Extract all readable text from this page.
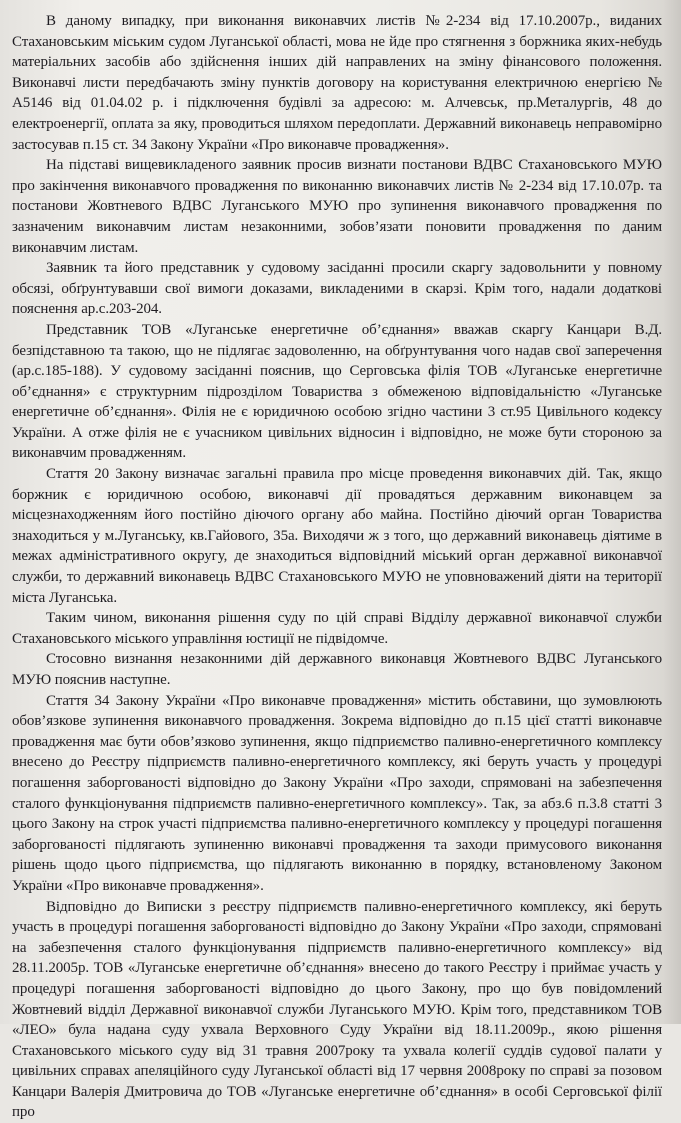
В даному випадку, при виконання виконавчих листів №2-234 від 17.10.2007р., виданих Стахановським міським судом Луганської області, мова не йде про стягнення з боржника яких-небудь матеріальних засобів або здійснення інших дій направлених на зміну фінансового положення. Виконавчі листи передбачають зміну пунктів договору на користування електричною енергією № А5146 від 01.04.02 р. і підключення будівлі за адресою: м. Алчевськ, пр.Металургів, 48 до електроенергії, оплата за яку, проводиться шляхом передоплати. Державний виконавець неправомірно застосував п.15 ст. 34 Закону України «Про виконавче провадження».

На підставі вищевикладеного заявник просив визнати постанови ВДВС Стахановського МУЮ про закінчення виконавчого провадження по виконанню виконавчих листів № 2-234 від 17.10.07р. та постанови Жовтневого ВДВС Луганського МУЮ про зупинення виконавчого провадження по зазначеним виконавчим листам незаконними, зобов’язати поновити провадження по даним виконавчим листам.

Заявник та його представник у судовому засіданні просили скаргу задовольнити у повному обсязі, обґрунтувавши свої вимоги доказами, викладеними в скарзі. Крім того, надали додаткові пояснення ар.с.203-204.

Представник ТОВ «Луганське енергетичне об’єднання» вважав скаргу Канцари В.Д. безпідставною та такою, що не підлягає задоволенню, на обґрунтування чого надав свої заперечення (ар.с.185-188). У судовому засіданні пояснив, що Серговська філія ТОВ «Луганське енергетичне об’єднання» є структурним підрозділом Товариства з обмеженою відповідальністю «Луганське енергетичне об’єднання». Філія не є юридичною особою згідно частини 3 ст.95 Цивільного кодексу України. А отже філія не є учасником цивільних відносин і відповідно, не може бути стороною за виконавчим провадженням.

Стаття 20 Закону визначає загальні правила про місце проведення виконавчих дій. Так, якщо боржник є юридичною особою, виконавчі дії провадяться державним виконавцем за місцезнаходженням його постійно діючого органу або майна. Постійно діючий орган Товариства знаходиться у м.Луганську, кв.Гайового, 35а. Виходячи ж з того, що державний виконавець діятиме в межах адміністративного округу, де знаходиться відповідний міський орган державної виконавчої служби, то державний виконавець ВДВС Стахановського МУЮ не уповноважений діяти на території міста Луганська.

Таким чином, виконання рішення суду по цій справі Відділу державної виконавчої служби Стахановського міського управління юстиції не підвідомче.

Стосовно визнання незаконними дій державного виконавця Жовтневого ВДВС Луганського МУЮ пояснив наступне.

Стаття 34 Закону України «Про виконавче провадження» містить обставини, що зумовлюють обов’язкове зупинення виконавчого провадження. Зокрема відповідно до п.15 цієї статті виконавче провадження має бути обов’язково зупинення, якщо підприємство паливно-енергетичного комплексу внесено до Реєстру підприємств паливно-енергетичного комплексу, які беруть участь у процедурі погашення заборгованості відповідно до Закону України «Про заходи, спрямовані на забезпечення сталого функціонування підприємств паливно-енергетичного комплексу». Так, за абз.6 п.3.8 статті 3 цього Закону на строк участі підприємства паливно-енергетичного комплексу у процедурі погашення заборгованості підлягають зупиненню виконавчі провадження та заходи примусового виконання рішень щодо цього підприємства, що підлягають виконанню в порядку, встановленому Законом України «Про виконавче провадження».

Відповідно до Виписки з реєстру підприємств паливно-енергетичного комплексу, які беруть участь в процедурі погашення заборгованості відповідно до Закону України «Про заходи, спрямовані на забезпечення сталого функціонування підприємств паливно-енергетичного комплексу» від 28.11.2005р. ТОВ «Луганське енергетичне об’єднання» внесено до такого Реєстру і приймає участь у процедурі погашення заборгованості відповідно до цього Закону, про що був повідомлений Жовтневий відділ Державної виконавчої служби Луганського МУЮ. Крім того, представником ТОВ «ЛЕО» була надана суду ухвала Верховного Суду України від 18.11.2009р., якою рішення Стахановського міського суду від 31 травня 2007року та ухвала колегії суддів судової палати у цивільних справах апеляційного суду Луганської області від 17 червня 2008року по справі за позовом Канцари Валерія Дмитровича до ТОВ «Луганське енергетичне об’єднання» в особі Серговської філії про
